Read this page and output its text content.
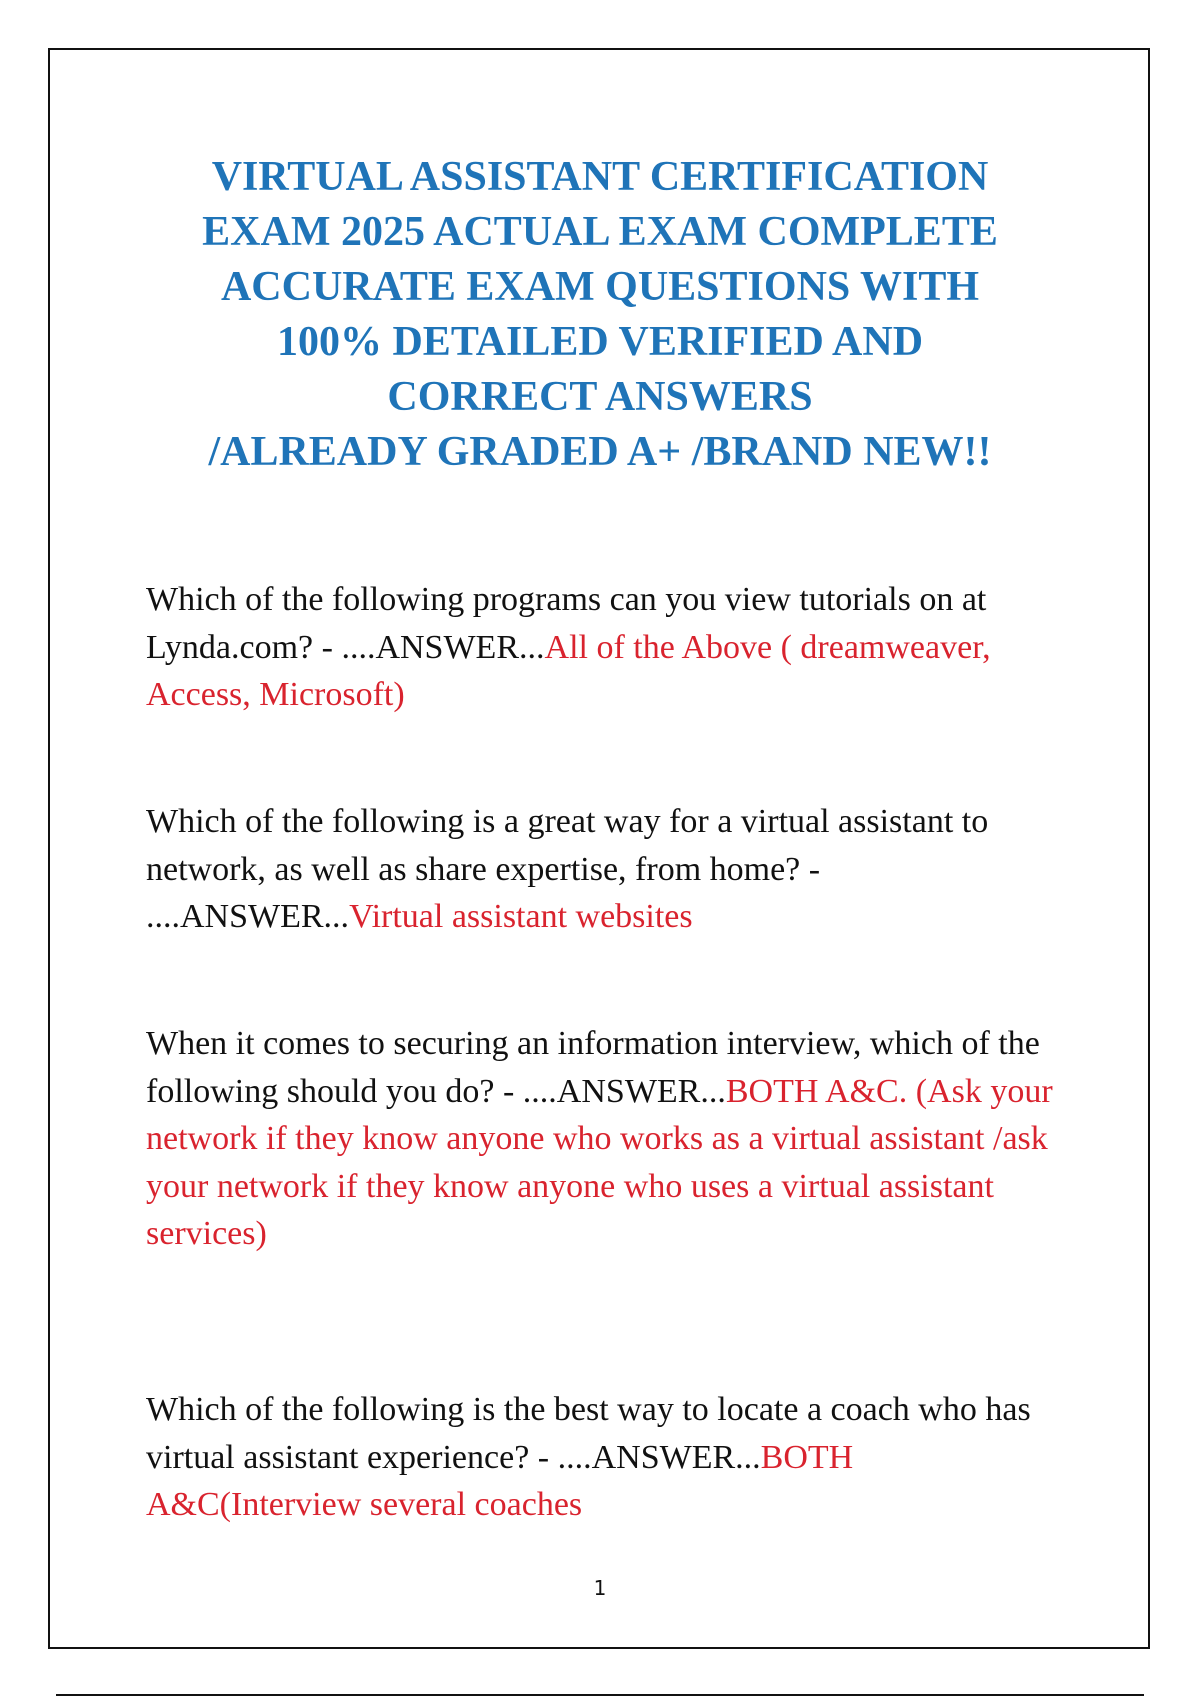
VIRTUAL ASSISTANT CERTIFICATION
EXAM 2025 ACTUAL EXAM COMPLETE
ACCURATE EXAM QUESTIONS WITH
100% DETAILED VERIFIED AND
CORRECT ANSWERS
/ALREADY GRADED A+ /BRAND NEW!!
Which of the following programs can you view tutorials on at Lynda.com? - ....ANSWER...All of the Above ( dreamweaver, Access, Microsoft)
Which of the following is a great way for a virtual assistant to network, as well as share expertise, from home? - ....ANSWER...Virtual assistant websites
When it comes to securing an information interview, which of the following should you do? - ....ANSWER...BOTH A&C. (Ask your network if they know anyone who works as a virtual assistant /ask your network if they know anyone who uses a virtual assistant services)
Which of the following is the best way to locate a coach who has virtual assistant experience? - ....ANSWER...BOTH A&C(Interview several coaches
1
